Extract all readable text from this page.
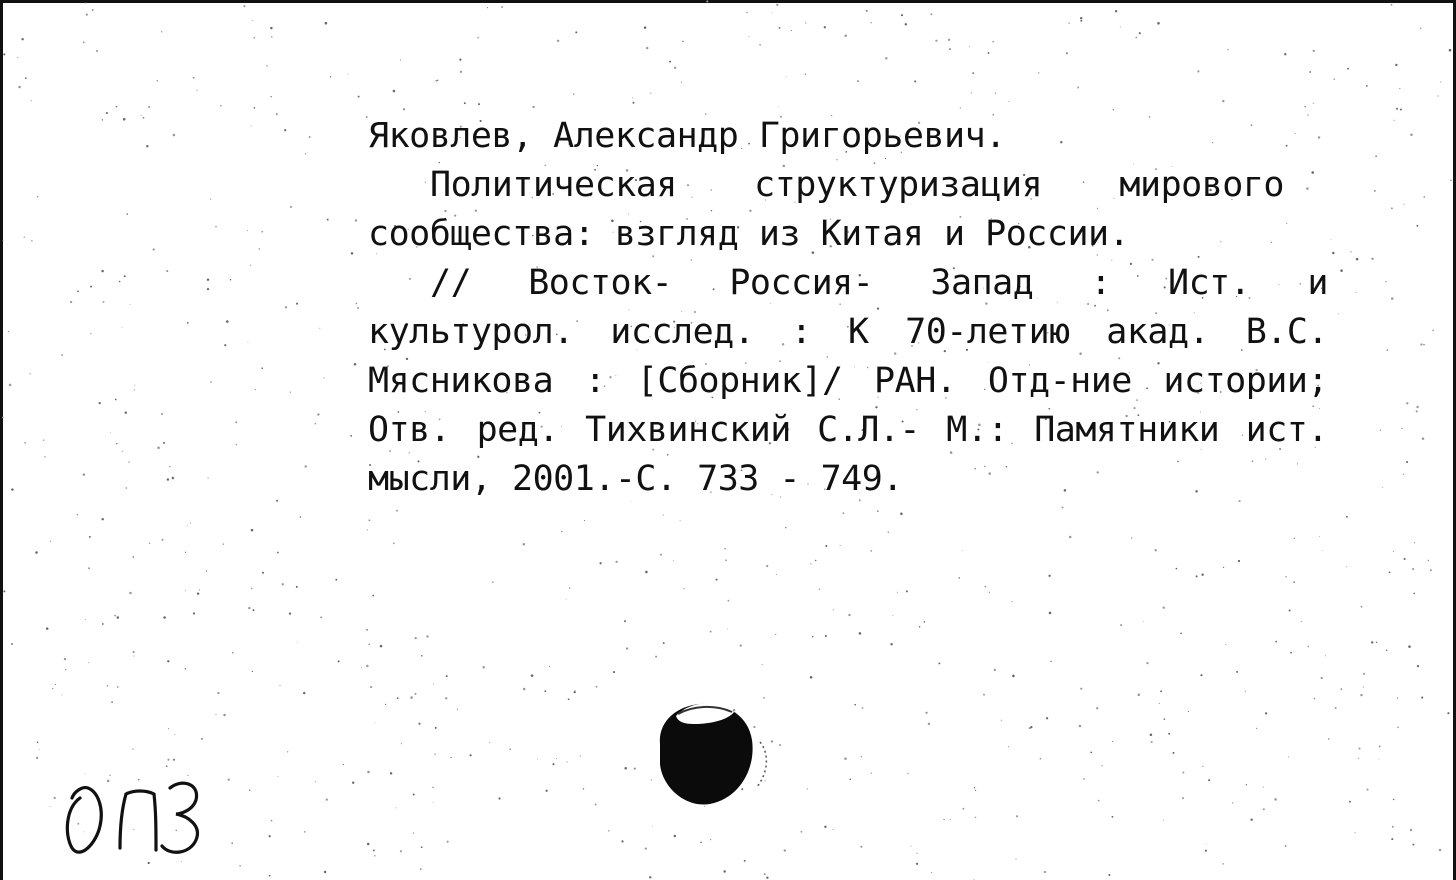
Яковлев, Александр Григорьевич.
Политическая структуризация мирового
сообщества: взгляд из Китая и России.
// Восток- Россия- Запад : Ист. и
культурол. исслед. : К 70-летию акад. В.С.
Мясникова : [Сборник]/ РАН. Отд-ние истории;
Отв. ред. Тихвинский С.Л.- М.: Памятники ист.
мысли, 2001.-С. 733 - 749.
